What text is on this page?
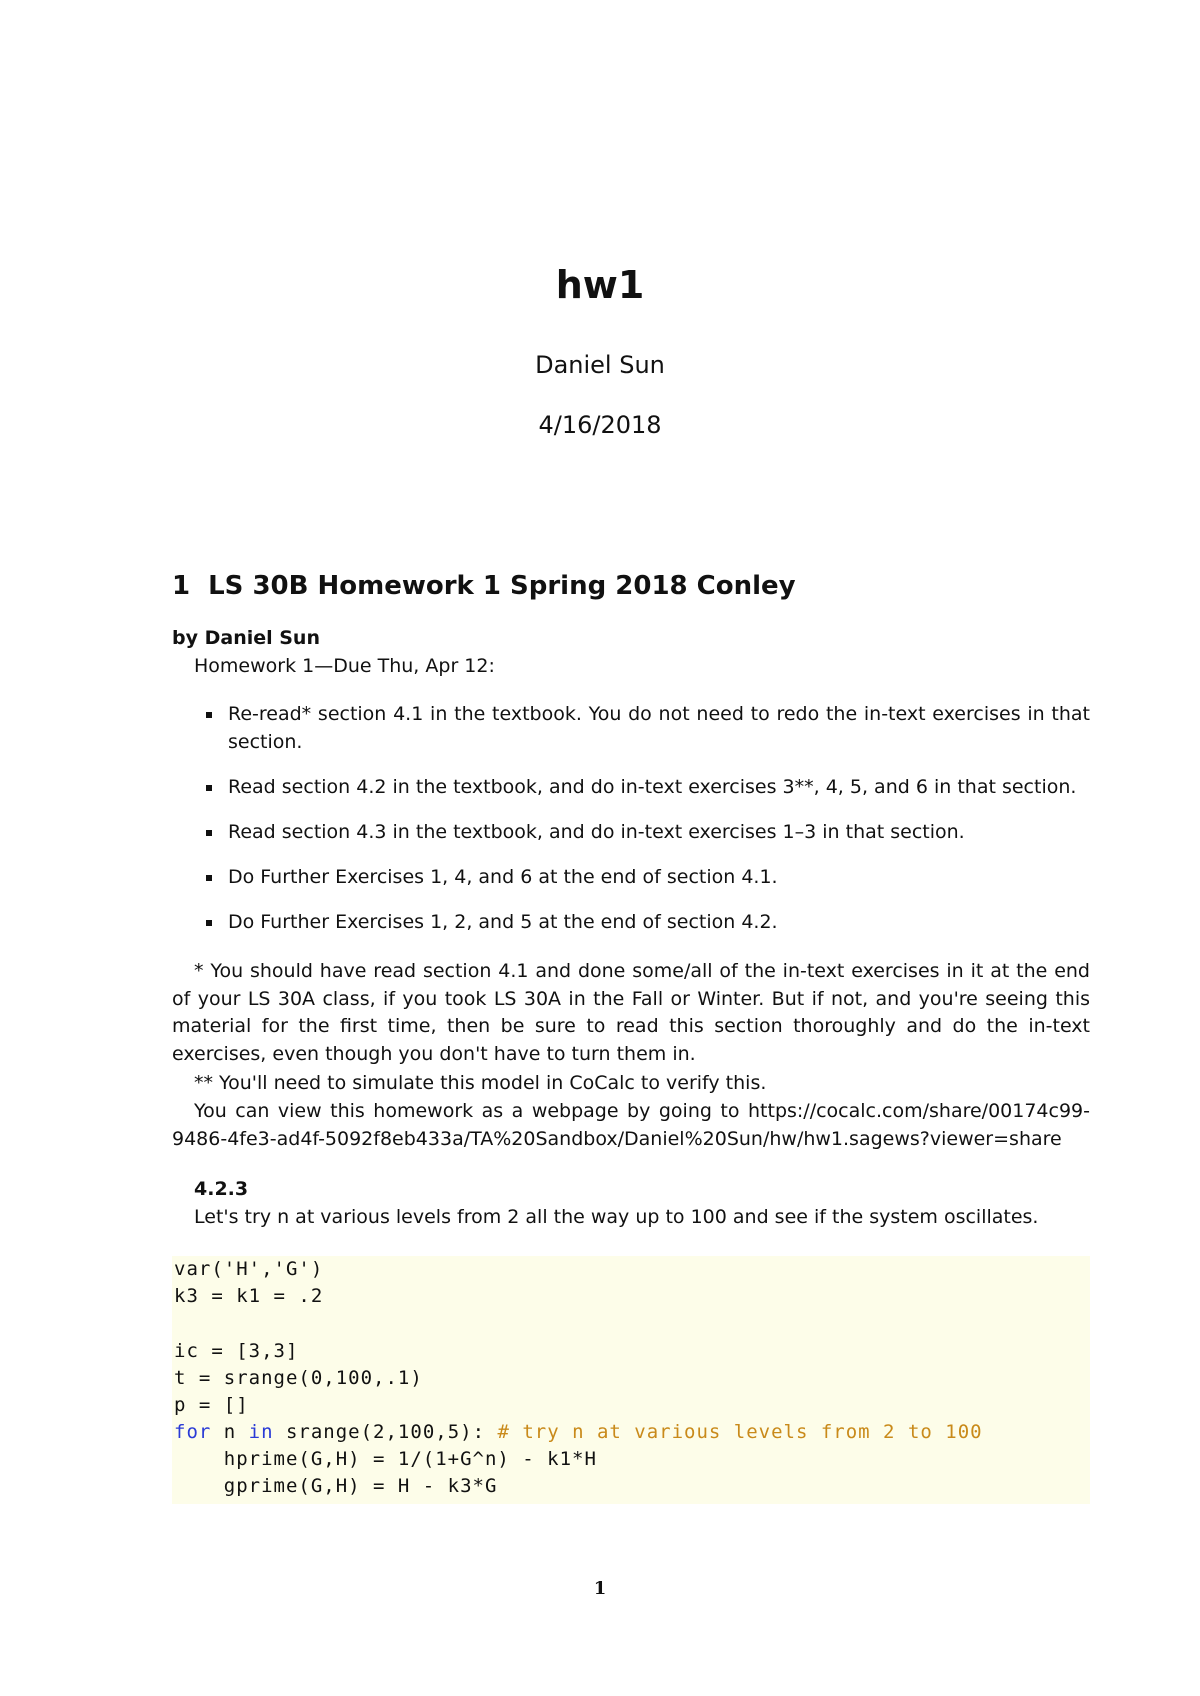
hw1
Daniel Sun
4/16/2018
1 LS 30B Homework 1 Spring 2018 Conley
by Daniel Sun
Homework 1—Due Thu, Apr 12:
Re-read* section 4.1 in the textbook. You do not need to redo the in-text exercises in that section.
Read section 4.2 in the textbook, and do in-text exercises 3**, 4, 5, and 6 in that section.
Read section 4.3 in the textbook, and do in-text exercises 1–3 in that section.
Do Further Exercises 1, 4, and 6 at the end of section 4.1.
Do Further Exercises 1, 2, and 5 at the end of section 4.2.
* You should have read section 4.1 and done some/all of the in-text exercises in it at the end of your LS 30A class, if you took LS 30A in the Fall or Winter. But if not, and you're seeing this material for the first time, then be sure to read this section thoroughly and do the in-text exercises, even though you don't have to turn them in.
** You'll need to simulate this model in CoCalc to verify this.
You can view this homework as a webpage by going to https://cocalc.com/share/00174c99-9486-4fe3-ad4f-5092f8eb433a/TA%20Sandbox/Daniel%20Sun/hw/hw1.sagews?viewer=share
4.2.3
Let's try n at various levels from 2 all the way up to 100 and see if the system oscillates.
var('H','G')
k3 = k1 = .2
ic = [3,3]
t = srange(0,100,.1)
p = []
for n in srange(2,100,5): # try n at various levels from 2 to 100
hprime(G,H) = 1/(1+G^n) - k1*H
gprime(G,H) = H - k3*G
1
